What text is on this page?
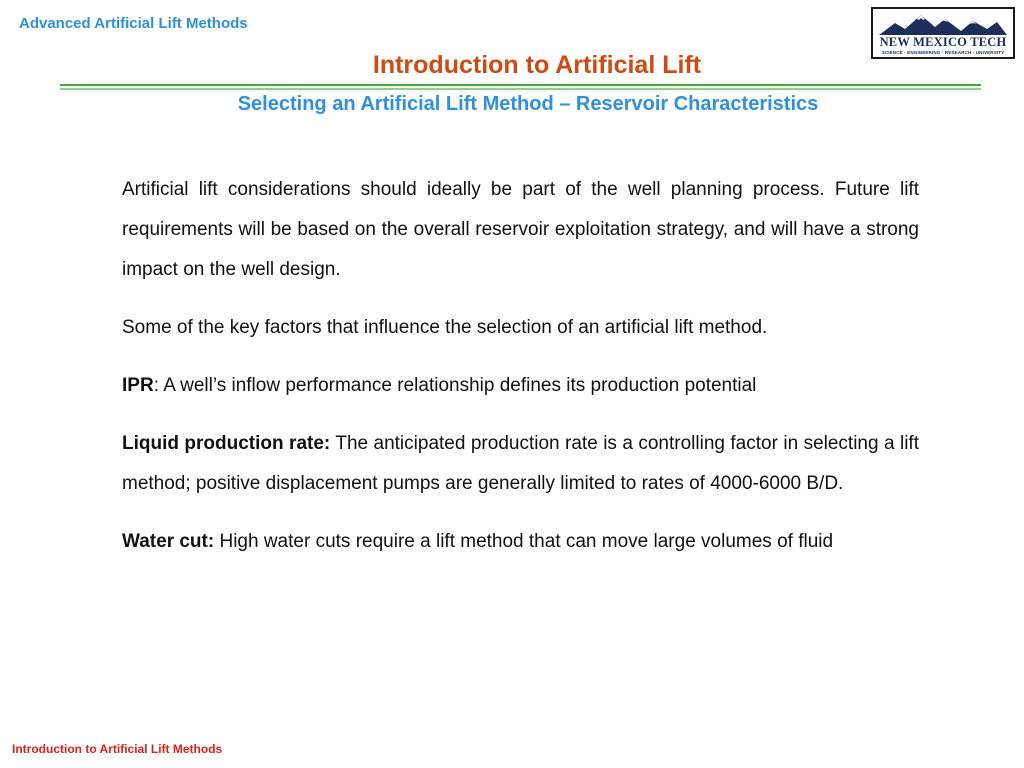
Advanced Artificial Lift Methods
NEW MEXICO TECH
SCIENCE · ENGINEERING · RESEARCH · UNIVERSITY
Introduction to Artificial Lift
Selecting an Artificial Lift Method – Reservoir Characteristics

Artificial lift considerations should ideally be part of the well planning process. Future lift requirements will be based on the overall reservoir exploitation strategy, and will have a strong impact on the well design.

Some of the key factors that influence the selection of an artificial lift method.

IPR: A well’s inflow performance relationship defines its production potential

Liquid production rate: The anticipated production rate is a controlling factor in selecting a lift method; positive displacement pumps are generally limited to rates of 4000-6000 B/D.

Water cut: High water cuts require a lift method that can move large volumes of fluid

Introduction to Artificial Lift Methods
